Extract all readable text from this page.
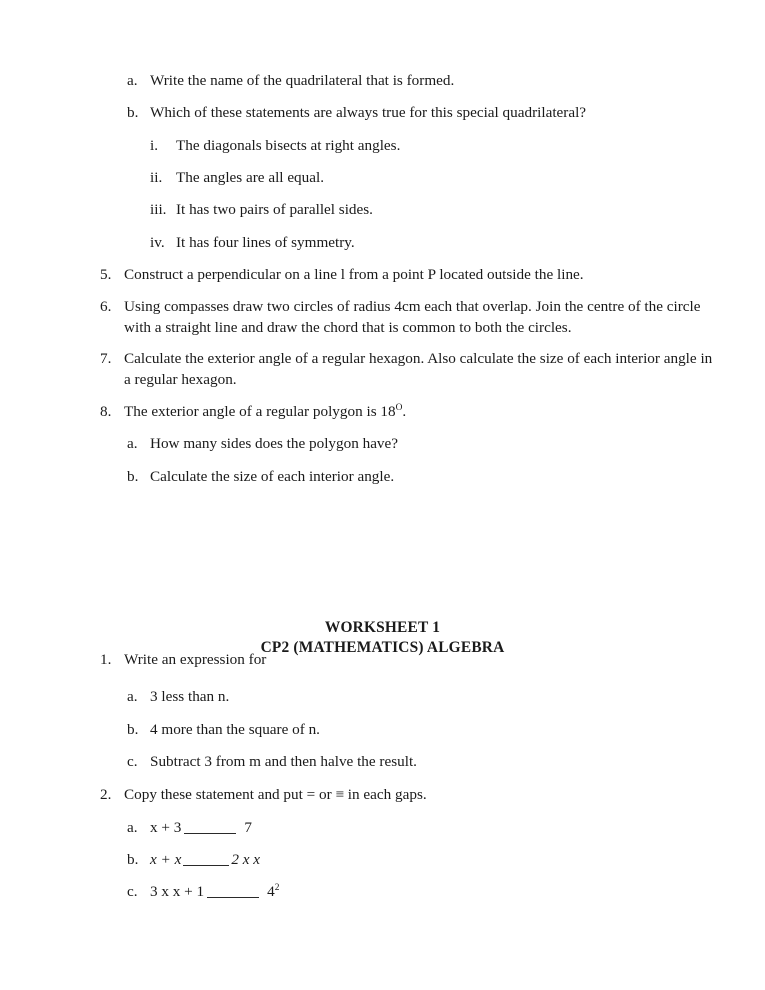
a. Write the name of the quadrilateral that is formed.
b. Which of these statements are always true for this special quadrilateral?
i.	The diagonals bisects at right angles.
ii. The angles are all equal.
iii. It has two pairs of parallel sides.
iv. It has four lines of symmetry.
5. Construct a perpendicular on a line l from a point P located outside the line.
6. Using compasses draw two circles of radius 4cm each that overlap. Join the centre of the circle with a straight line and draw the chord that is common to both the circles.
7. Calculate the exterior angle of a regular hexagon. Also calculate the size of each interior angle in a regular hexagon.
8. The exterior angle of a regular polygon is $18^O$.
a. How many sides does the polygon have?
b. Calculate the size of each interior angle.
WORKSHEET 1
CP2 (MATHEMATICS) ALGEBRA
1. Write an expression for
a. 3 less than n.
b. 4 more than the square of n.
c. Subtract 3 from m and then halve the result.
2. Copy these statement and put = or ≡ in each gaps.
a. x + 3	7
b. x + x	2 x x
c. 3 x x + 1	$4^2$
